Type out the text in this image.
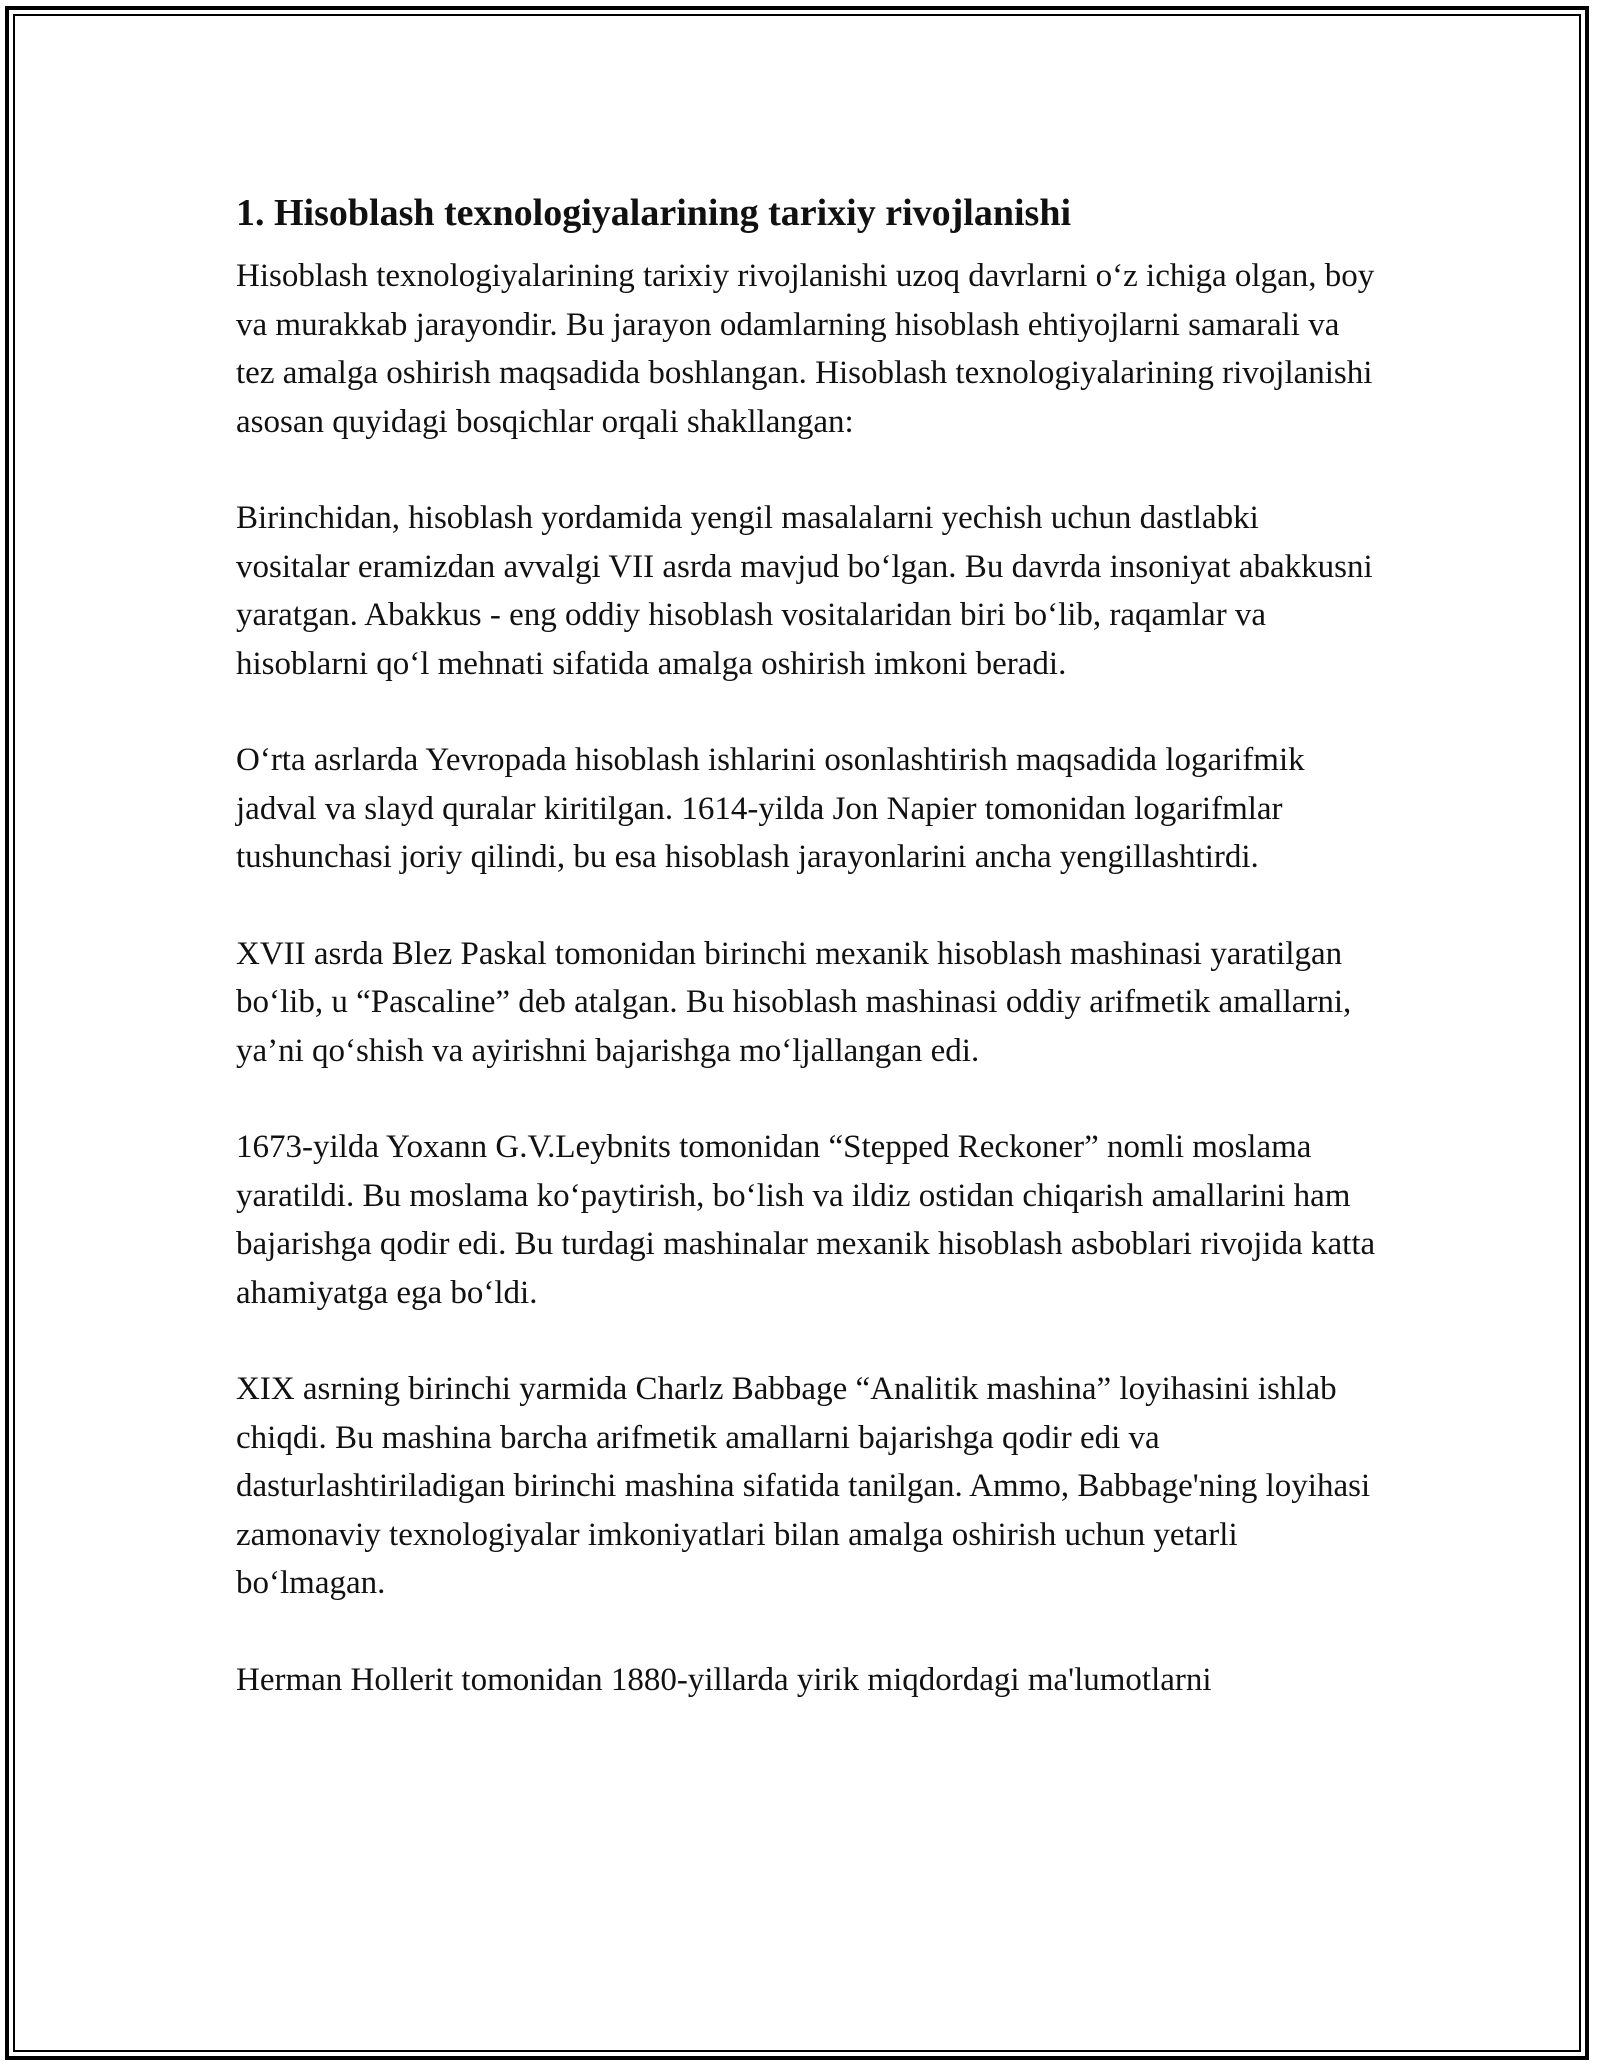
1. Hisoblash texnologiyalarining tarixiy rivojlanishi

Hisoblash texnologiyalarining tarixiy rivojlanishi uzoq davrlarni o‘z ichiga olgan, boy va murakkab jarayondir. Bu jarayon odamlarning hisoblash ehtiyojlarni samarali va tez amalga oshirish maqsadida boshlangan. Hisoblash texnologiyalarining rivojlanishi asosan quyidagi bosqichlar orqali shakllangan:

Birinchidan, hisoblash yordamida yengil masalalarni yechish uchun dastlabki vositalar eramizdan avvalgi VII asrda mavjud bo‘lgan. Bu davrda insoniyat abakkusni yaratgan. Abakkus - eng oddiy hisoblash vositalaridan biri bo‘lib, raqamlar va hisoblarni qo‘l mehnati sifatida amalga oshirish imkoni beradi.

O‘rta asrlarda Yevropada hisoblash ishlarini osonlashtirish maqsadida logarifmik jadval va slayd quralar kiritilgan. 1614-yilda Jon Napier tomonidan logarifmlar tushunchasi joriy qilindi, bu esa hisoblash jarayonlarini ancha yengillashtirdi.

XVII asrda Blez Paskal tomonidan birinchi mexanik hisoblash mashinasi yaratilgan bo‘lib, u “Pascaline” deb atalgan. Bu hisoblash mashinasi oddiy arifmetik amallarni, ya’ni qo‘shish va ayirishni bajarishga mo‘ljallangan edi.

1673-yilda Yoxann G.V.Leybnits tomonidan “Stepped Reckoner” nomli moslama yaratildi. Bu moslama ko‘paytirish, bo‘lish va ildiz ostidan chiqarish amallarini ham bajarishga qodir edi. Bu turdagi mashinalar mexanik hisoblash asboblari rivojida katta ahamiyatga ega bo‘ldi.

XIX asrning birinchi yarmida Charlz Babbage “Analitik mashina” loyihasini ishlab chiqdi. Bu mashina barcha arifmetik amallarni bajarishga qodir edi va dasturlashtiriladigan birinchi mashina sifatida tanilgan. Ammo, Babbage'ning loyihasi zamonaviy texnologiyalar imkoniyatlari bilan amalga oshirish uchun yetarli bo‘lmagan.

Herman Hollerit tomonidan 1880-yillarda yirik miqdordagi ma'lumotlarni
